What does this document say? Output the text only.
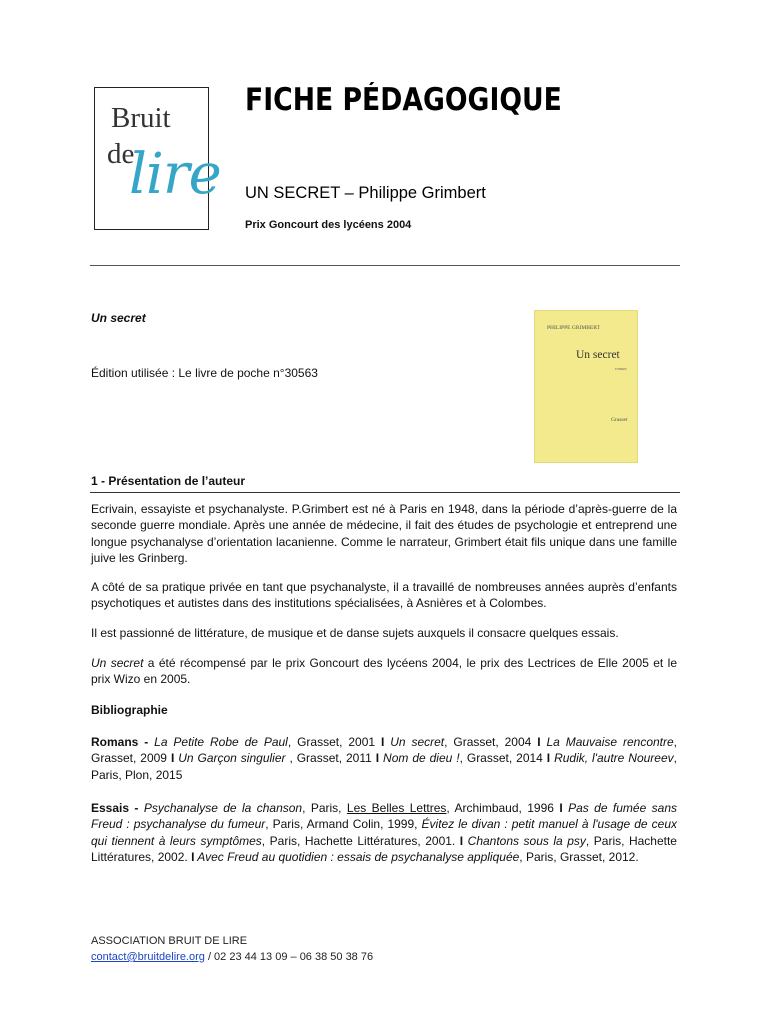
Bruit
de
lire
FICHE PÉDAGOGIQUE
UN SECRET – Philippe Grimbert
Prix Goncourt des lycéens 2004
Un secret
Édition utilisée : Le livre de poche n°30563
PHILIPPE GRIMBERT
Un secret
roman
Grasset
1 - Présentation de l’auteur

Ecrivain, essayiste et psychanalyste. P.Grimbert est né à Paris en 1948, dans la période d’après-guerre de la seconde guerre mondiale. Après une année de médecine, il fait des études de psychologie et entreprend une longue psychanalyse d’orientation lacanienne. Comme le narrateur, Grimbert était fils unique dans une famille juive les Grinberg.

A côté de sa pratique privée en tant que psychanalyste, il a travaillé de nombreuses années auprès d’enfants psychotiques et autistes dans des institutions spécialisées, à Asnières et à Colombes.

Il est passionné de littérature, de musique et de danse sujets auxquels il consacre quelques essais.

Un secret a été récompensé par le prix Goncourt des lycéens 2004, le prix des Lectrices de Elle 2005 et le prix Wizo en 2005.

Bibliographie

Romans - La Petite Robe de Paul, Grasset, 2001 I Un secret, Grasset, 2004 I La Mauvaise rencontre, Grasset, 2009 I Un Garçon singulier , Grasset, 2011 I Nom de dieu !, Grasset, 2014 I Rudik, l'autre Noureev, Paris, Plon, 2015

Essais - Psychanalyse de la chanson, Paris, Les Belles Lettres, Archimbaud, 1996 I Pas de fumée sans Freud : psychanalyse du fumeur, Paris, Armand Colin, 1999, Évitez le divan : petit manuel à l'usage de ceux qui tiennent à leurs symptômes, Paris, Hachette Littératures, 2001. I Chantons sous la psy, Paris, Hachette Littératures, 2002. I Avec Freud au quotidien : essais de psychanalyse appliquée, Paris, Grasset, 2012.

ASSOCIATION BRUIT DE LIRE
contact@bruitdelire.org / 02 23 44 13 09 – 06 38 50 38 76
